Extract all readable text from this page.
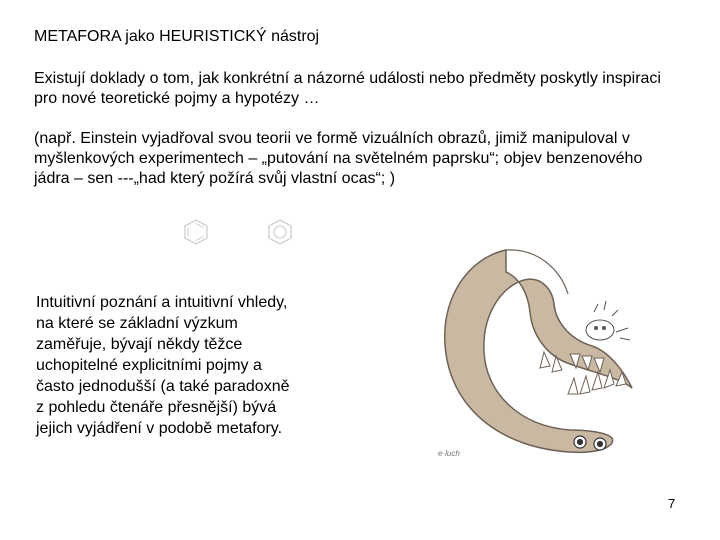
METAFORA jako HEURISTICKÝ nástroj
Existují doklady o tom, jak konkrétní a názorné události nebo předměty poskytly inspiraci pro nové teoretické pojmy a hypotézy …
(např. Einstein vyjadřoval svou teorii ve formě vizuálních obrazů, jimiž manipuloval v myšlenkových experimentech – „putování na světelném paprsku“; objev benzenového jádra – sen ---„had který požírá svůj vlastní ocas“; )
e·luch
Intuitivní poznání a intuitivní vhledy,
na které se základní výzkum
zaměřuje, bývají někdy těžce
uchopitelné explicitními pojmy a
často jednodušší (a také paradoxně
z pohledu čtenáře přesnější) bývá
jejich vyjádření v podobě metafory.
7
